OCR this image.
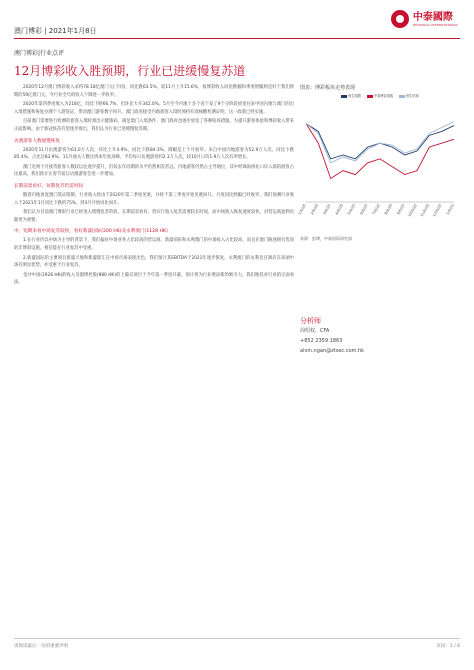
澳门博彩 | 2021年1月8日
中泰國際
ZHONGTAI INTERNATIONAL
澳门博彩|行业点评
12月博彩收入胜预期，行业已进缓慢复苏道

2020年12月澳门博彩收入录得78.18亿澳门元(下同)，同比跌63.5%，较11月上升15.6%，按博彩收入同比跌幅和季度增幅则是好于我们预期的59亿澳门元，令行业全年的收入下降进一步收窄。

2020年第四季度收入为218亿，同比下跌66.7%，但环比大升342.0%。5月至今内地十多个省下发了9个分阶段放宽往来中国内地与澳门的出入境措施和恢复办理个人游签证，带动澳门游客数字回升。澳门政府接受内地旅客入境时须持有效核酸检测证明，这一政策已经实施。

目前澳门需要进行检测的旅客入境时须出示健康码，满足澳门入境条件，澳门政府也逐步放宽了各种防疫措施，为提升游客体验和博彩收入带来正面影响。由于新冠疫苗有望逐步推出，我们认为行业已进缓慢复苏期。

访澳游客人数缓慢恢复

2020年11月访澳游客为63.0万人次，环比上升4.9%，同比下跌84.3%，降幅是上个月收窄。来自中国内地游客为52.9万人次，同比下跌85.4%，占比达83.9%。11月通关人数达到本年度高峰，平均每日访澳游客约2.1万人次，较10月日均1.9万人次有所增长。

澳门近两个月接待旅客人数较以往逐步提升，但较去年同期的水平仍然相差甚远。内地游客仍然占主导地位，其中经珠海拱北口岸入境的游客占比最高。我们预计在春节前后访澳游客会进一步增加。

长期前景看好，短期复苏仍需时间

随着内地放宽澳门签证限制，行业收入将由于2020年第二季度见底，并将于第三季度开始见底回升。月度同比跌幅已经收窄，我们预测行业收入于2021年1月同比下跌约75%，到3月开始同比回升。

我们认为目前澳门博彩行业已经进入缓慢复苏阶段，长期前景看好。贵宾厅收入复苏需要较长时间，而中场收入恢复速度较快，对营运商盈利贡献更为重要。

中、短期来看中场复苏较快，看好新濠国际(200 HK)及永利澳门(1128 HK)

1.在行业仍以中场为主导的背景下，我们偏好中场业务占比较高的营运商。新濠国际和永利澳门的中场收入占比较高，而且在澳门路氹拥有优质的非博彩设施，相信能在行业复苏中受惠。

2.新濠国际的主要项目新濠天地和新濠影汇在中场市场表现出色，我们预计其EBITDA于2021年逐步恢复。永利澳门的永利皇宫酒店在高端中场有明显优势，亦受惠于行业复苏。

金沙中国(1928 HK)的收入及澳博控股(880 HK)的上葡京项目于今年第一季度开幕，预计将为行业增添新的吸引力，我们维持对行业的正面看法。

图表：博彩板块走势表现
恒生指数	中泰博彩指数	恒生综指
1/6/20 2/6/20 3/6/20 4/6/20 5/6/20 6/6/20 7/6/20 8/6/20 9/6/20 10/6/20 11/6/20 12/6/20 1/6/21
来源：彭博，中泰国际研究部
分析师
周绍权，CFA
+852 2359 1863
alvin.ngan@ztsec.com.hk
请阅读最后一页的重要声明	页码：1 / 6
